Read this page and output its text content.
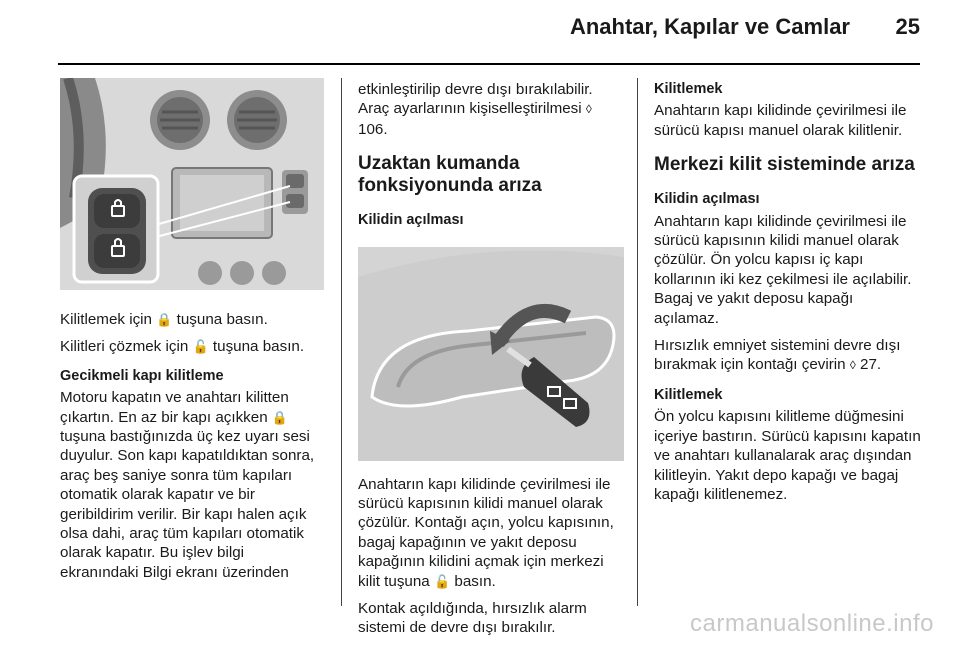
Anahtar, Kapılar ve Camlar 25

Kilitlemek için 🔒 tuşuna basın.

Kilitleri çözmek için 🔓 tuşuna basın.

Gecikmeli kapı kilitleme

Motoru kapatın ve anahtarı kilitten çıkartın. En az bir kapı açıkken 🔒 tuşuna bastığınızda üç kez uyarı sesi duyulur. Son kapı kapatıldıktan sonra, araç beş saniye sonra tüm kapıları otomatik olarak kapatır ve bir geribildirim verilir. Bir kapı halen açık olsa dahi, araç tüm kapıları otomatik olarak kapatır. Bu işlev bilgi ekranındaki Bilgi ekranı üzerinden

etkinleştirilip devre dışı bırakılabilir. Araç ayarlarının kişiselleştirilmesi ◊ 106.

Uzaktan kumanda fonksiyonunda arıza
Kilidin açılması

Anahtarın kapı kilidinde çevirilmesi ile sürücü kapısının kilidi manuel olarak çözülür. Kontağı açın, yolcu kapısının, bagaj kapağının ve yakıt deposu kapağının kilidini açmak için merkezi kilit tuşuna 🔓 basın.

Kontak açıldığında, hırsızlık alarm sistemi de devre dışı bırakılır.

Kilitlemek

Anahtarın kapı kilidinde çevirilmesi ile sürücü kapısı manuel olarak kilitlenir.

Merkezi kilit sisteminde arıza
Kilidin açılması

Anahtarın kapı kilidinde çevirilmesi ile sürücü kapısının kilidi manuel olarak çözülür. Ön yolcu kapısı iç kapı kollarının iki kez çekilmesi ile açılabilir. Bagaj ve yakıt deposu kapağı açılamaz.

Hırsızlık emniyet sistemini devre dışı bırakmak için kontağı çevirin ◊ 27.

Kilitlemek

Ön yolcu kapısını kilitleme düğmesini içeriye bastırın. Sürücü kapısını kapatın ve anahtarı kullanalarak araç dışından kilitleyin. Yakıt depo kapağı ve bagaj kapağı kilitlenemez.

carmanualsonline.info
